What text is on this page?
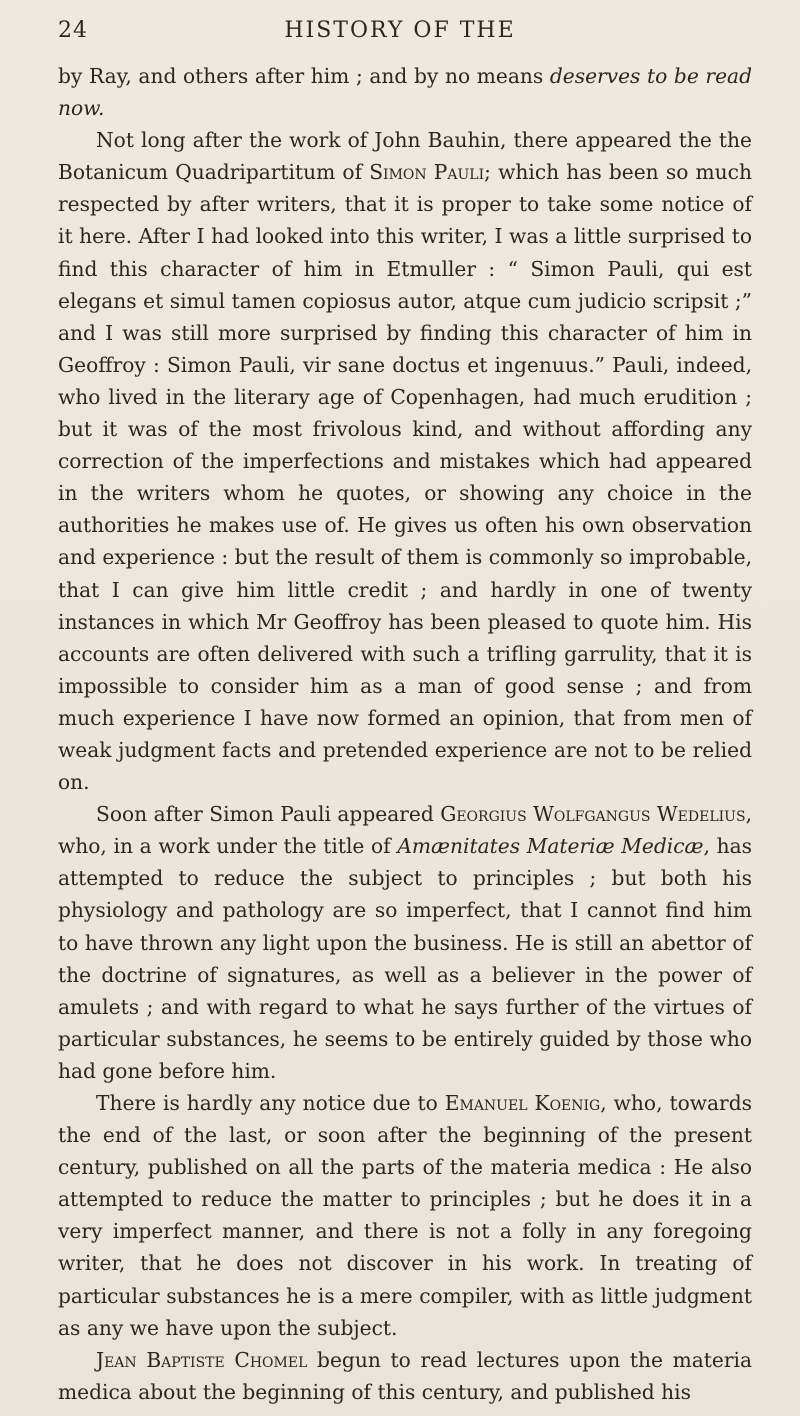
24	HISTORY OF THE

by Ray, and others after him ; and by no means deserves to be read now.

Not long after the work of John Bauhin, there appeared the the Botanicum Quadripartitum of Simon Pauli; which has been so much respected by after writers, that it is proper to take some notice of it here. After I had looked into this writer, I was a little surprised to find this character of him in Etmuller : “ Simon Pauli, qui est elegans et simul tamen copiosus autor, atque cum judicio scripsit ;” and I was still more surprised by finding this character of him in Geoffroy : Simon Pauli, vir sane doctus et ingenuus.” Pauli, indeed, who lived in the literary age of Copenhagen, had much erudition ; but it was of the most frivolous kind, and without affording any correction of the imperfections and mistakes which had appeared in the writers whom he quotes, or showing any choice in the authorities he makes use of. He gives us often his own observation and experience : but the result of them is commonly so improbable, that I can give him little credit ; and hardly in one of twenty instances in which Mr Geoffroy has been pleased to quote him. His accounts are often delivered with such a trifling garrulity, that it is impossible to consider him as a man of good sense ; and from much experience I have now formed an opinion, that from men of weak judgment facts and pretended experience are not to be relied on.

Soon after Simon Pauli appeared Georgius Wolfgangus Wedelius, who, in a work under the title of Amænitates Materiæ Medicæ, has attempted to reduce the subject to principles ; but both his physiology and pathology are so imperfect, that I cannot find him to have thrown any light upon the business. He is still an abettor of the doctrine of signatures, as well as a believer in the power of amulets ; and with regard to what he says further of the virtues of particular substances, he seems to be entirely guided by those who had gone before him.

There is hardly any notice due to Emanuel Koenig, who, towards the end of the last, or soon after the beginning of the present century, published on all the parts of the materia medica : He also attempted to reduce the matter to principles ; but he does it in a very imperfect manner, and there is not a folly in any foregoing writer, that he does not discover in his work. In treating of particular substances he is a mere compiler, with as little judgment as any we have upon the subject.

Jean Baptiste Chomel begun to read lectures upon the materia medica about the beginning of this century, and published his
